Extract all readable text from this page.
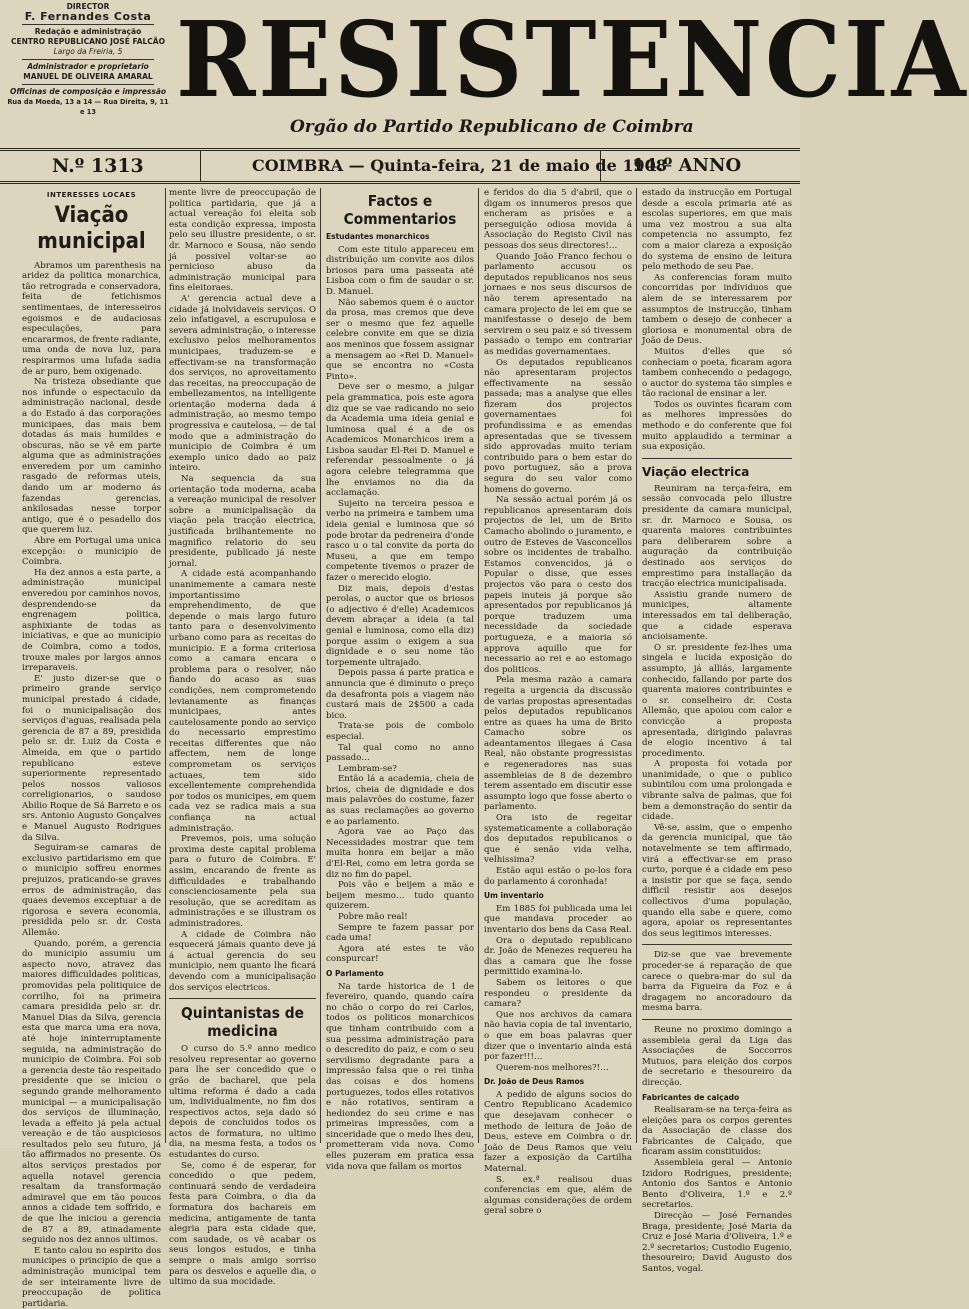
DIRECTOR
F. Fernandes Costa
Redação e administração
CENTRO REPUBLICANO JOSÉ FALCÃO
Largo da Freiria, 5
Administrador e proprietario
MANUEL DE OLIVEIRA AMARAL
Officinas de composição e impressão
Rua da Moeda, 13 a 14 — Rua Direita, 9, 11 e 13 RESISTENCIA
Orgão do Partido Republicano de Coimbra
N.º 1313	COIMBRA — Quinta-feira, 21 de maio de 1908
14.º ANNO
INTERESSES LOCAES
Viação municipal

Abramos um parenthesis na aridez da politica monarchica, tão retrograda e conservadora, feita de fetichismos sentimentaes, de interesseiros egoismos e de audaciosas especulações, para encararmos, de frente radiante, uma onda de nova luz, para respirarmos uma lufada sadia de ar puro, bem oxigenado.

Na tristeza obsediante que nos infunde o espectaculo da administração nacional, desde a do Estado á das corporações municipaes, das mais bem dotadas ás mais humildes e obscuras, não se vê em parte alguma que as administrações enveredem por um caminho rasgado de reformas uteis, dando um ar moderno ás fazendas gerencias, ankilosadas nesse torpor antigo, que é o pesadello dos que querem luz.

Abre em Portugal uma unica excepção: o municipio de Coimbra.

Ha dez annos a esta parte, a administração municipal enveredou por caminhos novos, desprendendo-se da engrenagem politica, asphixiante de todas as iniciativas, e que ao municipio de Coimbra, como a todos, trouxe males por largos annos irreparaveis.

E' justo dizer-se que o primeiro grande serviço municipal prestado á cidade, foi o municipalisação dos serviços d'aguas, realisada pela gerencia de 87 a 89, presidida pelo sr. dr. Luiz da Costa e Almeida, em que o partido republicano esteve superiormente representado pelos nossos valiosos correligionarios, o saudoso Abilio Roque de Sá Barreto e os srs. Antonio Augusto Gonçalves e Manuel Augusto Rodrigues da Silva.

Seguiram-se camaras de exclusivo partidarismo em que o municipio soffreu enormes prejuizos, praticando-se graves erros de administração, das quaes devemos exceptuar a de rigorosa e severa economia, presidida pelo sr. dr. Costa Allemão.

Quando, porém, a gerencia do municipio assumiu um aspecto novo, atravez das maiores difficuldades politicas, promovidas pela politiquice de corrilho, foi na primeira camara presidida pelo sr. dr. Manuel Dias da Silva, gerencia esta que marca uma era nova, até hoje ininterruptamente seguida, na administração do municipio de Coimbra. Foi sob a gerencia deste tão respeitado presidente que se iniciou o segundo grande melhoramento municipal — a municipalisação dos serviços de illuminação, levada a effeito já pela actual vereação e de tão auspiciosos resultados pelo seu futuro, já tão affirmados no presente. Os altos serviços prestados por aquella notavel gerencia resaltam da transformação admiravel que em tão poucos annos a cidade tem soffrido, e de que lhe iniciou a gerencia de 87 a 89, atinadamente seguido nos dez annos ultimos.

E tanto calou no espirito dos municipes o principio de que a administração municipal tem de ser inteiramente livre de preoccupação de politica partidaria.

mente livre de preoccupação de politica partidaria, que já a actual vereação foi eleita sob esta condição expressa, imposta pelo seu illustre presidente, o sr. dr. Marnoco e Sousa, não sendo já possivel voltar-se ao pernicioso abuso da administração municipal para fins eleitoraes.

A' gerencia actual deve a cidade já inolvidaveis serviços. O zelo infatigavel, a escrupulosa e severa administração, o interesse exclusivo pelos melhoramentos municipaes, traduzem-se e effectivam-se na transformação dos serviços, no aproveitamento das receitas, na preoccupação de embellezamentos, na intelligente orientação moderna dada á administração, ao mesmo tempo progressiva e cautelosa, — de tal modo que a administração do municipio de Coimbra é um exemplo unico dado ao paiz inteiro.

Na sequencia da sua orientação toda moderna, acaba a vereação municipal de resolver sobre a municipalisação da viação pela tracção electrica, justificada brilhantemente no magnifico relatorio do seu presidente, publicado já neste jornal.

A cidade está acompanhando unanimemente a camara neste importantissimo emprehendimento, de que depende o mais largo futuro tanto para o desenvolvimento urbano como para as receitas do municipio. E a forma criteriosa como a camara encara o problema para o resolver, não fiando do acaso as suas condições, nem comprometendo levianamente as finanças municipaes, antes cautelosamente pondo ao serviço do necessario emprestimo receitas differentes que não affectem, nem de longe comprometam os serviços actuaes, tem sido excellentemente comprehendida por todos os municipes, em quem cada vez se radica mais a sua confiança na actual administração.

Prevemos, pois, uma solução proxima deste capital problema para o futuro de Coimbra. E' assim, encarando de frente as difficuldades e trabalhando conscienciosamente pela sua resolução, que se acreditam as administrações e se illustram os administradores.

A cidade de Coimbra não esquecerá jámais quanto deve já á actual gerencia do seu municipio, nem quanto lhe ficará devendo com a municipalisação dos serviços electricos.

Quintanistas de medicina

O curso do 5.º anno medico resolveu representar ao governo para lhe ser concedido que o grão de bacharel, que pela ultima reforma é dado a cada um, individualmente, no fim dos respectivos actos, seja dado só depois de concluidos todos os actos de formatura, no ultimo dia, na mesma festa, a todos os estudantes do curso.

Se, como é de esperar, for concedido o que pedem, continuará sendo de verdadeira festa para Coimbra, o dia da formatura dos bachareis em medicina, antigamente de tanta alegria para esta cidade que, com saudade, os vê acabar os seus longos estudos, e tinha sempre o mais amigo sorriso para os desvelos e aquelle dia, o ultimo da sua mocidade.

Factos e Commentarios
Estudantes monarchicos

Com este titulo appareceu em distribuição um convite aos dilos briosos para uma passeata até Lisboa com o fim de saudar o sr. D. Manuel.

Não sabemos quem é o auctor da prosa, mas cremos que deve ser o mesmo que fez aquelle celebre convite em que se dizia aos meninos que fossem assignar a mensagem ao «Rei D. Manuel» que se encontra no «Costa Pinto».

Deve ser o mesmo, a julgar pela grammatica, pois este agora diz que se vae radicando no seio da Academia uma ideia genial e luminosa qual é a de os Academicos Monarchicos irem a Lisboa saudar El-Rei D. Manuel e referendar pessoalmente o já agora celebre telegramma que lhe enviamos no dia da acclamação.

Sujeito na terceira pessoa e verbo na primeira e tambem uma ideia genial e luminosa que só pode brotar da pedreneira d'onde rasco u o tal convite da porta do Museu, a que em tempo competente tivemos o prazer de fazer o merecido elogio.

Diz mais, depois d'estas perolas, o auctor que os briosos (o adjectivo é d'elle) Academicos devem abraçar a ideia (a tal genial e luminosa, como ella diz) porque assim o exigem a sua dignidade e o seu nome tão torpemente ultrajado.

Depois passa á parte pratica e annuncia que é diminuto o preço da desafronta pois a viagem não custará mais de 2$500 a cada bico.

Trata-se pois de combolo especial.

Tal qual como no anno passado…

Lembram-se?

Então lá a academia, cheia de brios, cheia de dignidade e dos mais palavrões do costume, fazer as suas reclamações ao governo e ao parlamento.

Agora vae ao Paço das Necessidades mostrar que tem muita honra em beijar a mão d'El-Rei, como em letra gorda se diz no fim do papel.

Pois vão e beijem a mão e beijem mesmo… tudo quanto quizerem.

Pobre mão real!

Sempre te fazem passar por cada uma!

Agora até estes te vão conspurcar!

O Parlamento

Na tarde historica de 1 de fevereiro, quando, quando caíra no chão o corpo do rei Carlos, todos os politicos monarchicos que tinham contribuido com a sua pessima administração para o descredito do paiz, e com o seu servilismo degradante para a impressão falsa que o rei tinha das coisas e dos homens portuguezes, todos elles rotativos e não rotativos, sentiram a hediondez do seu crime e nas primeiras impressões, com a sinceridade que o medo lhes deu, prometteram vida nova. Como elles puzeram em pratica essa vida nova que fallam os mortos

e feridos do dia 5 d'abril, que o digam os innumeros presos que encheram as prisões e a perseguição odiosa movida á Associação do Registo Civil nas pessoas dos seus directores!…

Quando João Franco fechou o parlamento accusou os deputados republicanos nos seus jornaes e nos seus discursos de não terem apresentado na camara projecto de lei em que se manifestasse o desejo de bem servirem o seu paiz e só tivessem passado o tempo em contrariar as medidas governamentaes.

Os deputados republicanos não apresentaram projectos effectivamente na sessão passada; mas a analyse que elles fizeram dos projectos governamentaes foi profundissima e as emendas apresentadas que se tivessem sido approvadas muito teriam contribuido para o bem estar do povo portuguez, são a prova segura do seu valor como homens do governo.

Na sessão actual porém já os republicanos apresentaram dois projectos de lei, um de Brito Camacho abolindo o juramento, e outro de Esteves de Vasconcellos sobre os incidentes de trabalho. Estamos convencidos, já o Popular o disse, que esses projectos vão para o cesto dos papeis inuteis já porque são apresentados por republicanos já porque traduzem uma necessidade da sociedade portugueza, e a maioria só approva aquillo que for necessario ao rei e ao estomago dos politicos.

Pela mesma razão a camara regeita a urgencia da discussão de varias propostas apresentadas pelos deputados republicanos entre as quaes ha uma de Brito Camacho sobre os adeantamentos illegaes á Casa Real, não obstante progressistas e regeneradores nas suas assembleias de 8 de dezembro terem assentado em discutir esse assumpto logo que fosse aberto o parlamento.

Ora isto de regeitar systematicamente a collaboração dos deputados republicanos o que é senão vida velha, velhissima?

Estão aqui estão o po-los fora do parlamento á coronhada!

Um inventario

Em 1885 foi publicada uma lei que mandava proceder ao inventario dos bens da Casa Real.

Ora o deputado republicano dr. João de Menezes requereu ha dias a camara que lhe fosse permittido examina-lo.

Sabem os leitores o que respondeu o presidente da camara?

Que nos archivos da camara não havia copia de tal inventario, o que em boas palavras quer dizer que o inventario ainda está por fazer!!!…

Querem-nos melhores?!…

Dr. João de Deus Ramos

A pedido de alguns socios do Centro Republicano Academico que desejavam conhecer o methodo de leitura de João de Deus, esteve em Coimbra o dr. João de Deus Ramos que veiu fazer a exposição da Cartilha Maternal.

S. ex.ª realisou duas conferencias em que, além de algumas considerações de ordem geral sobre o

estado da instrucção em Portugal desde a escola primaria até as escolas superiores, em que mais uma vez mostrou a sua alta competencia no assumpto, fez com a maior clareza a exposição do systema de ensino de leitura pelo methodo de seu Pae.

As conferencias foram muito concorridas por individuos que alem de se interessarem por assumptos de instrucção, tinham tambem o desejo de conhecer a gloriosa e monumental obra de João de Deus.

Muitos d'elles que só conheciam o poeta, ficaram agora tambem conhecendo o pedagogo, o auctor do systema tão simples e tão racional de ensinar a ler.

Todos os ouvintes ficaram com as melhores impressões do methodo e do conferente que foi muito applaudido a terminar a sua exposição.

Viação electrica

Reuniram na terça-feira, em sessão convocada pelo illustre presidente da camara municipal, sr. dr. Marnoco e Sousa, os quarenta maiores contribuintes para deliberarem sobre a auguração da contribuição destinado aos serviços do emprestimo para installação da tracção electrica municipalisada.

Assistiu grande numero de municipes, altamente interessados em tal deliberação, que a cidade esperava ancioisamente.

O sr. presidente fez-lhes uma singela e lucida exposição do assumpto, já alliás, largamente conhecido, fallando por parte dos quarenta maiores contribuintes e o sr. conselheiro dr. Costa Allemão, que apoiou com calor e convicção a proposta apresentada, dirigindo palavras de elogio incentivo á tal procedimento.

A proposta foi votada por unanimidade, o que o publico subintilou com uma prolongada e vibrante salva de palmas, que foi bem a demonstração do sentir da cidade.

Vê-se, assim, que o empenho da gerencia municipal, que tão notavelmente se tem affirmado, virá a effectivar-se em praso curto, porque é a cidade em peso a insistir por que se faça, sendo difficil resistir aos desejos collectivos d'uma população, quando ella sabe e quere, como agora, apoiar os representantes dos seus legitimos interesses.

Diz-se que vae brevemente proceder-se á reparação de que carece o quebra-mar do sul da barra da Figueira da Foz e á dragagem no ancoradouro da mesma barra.

Reune no proximo domingo a assembleia geral da Liga das Associações de Soccorros Mutuos, para eleição dos corpos de secretario e thesoureiro da direcção.

Fabricantes de calçado

Realisaram-se na terça-feira as eleições para os corpos gerentes da Associação de classe dos Fabricantes de Calçado, que ficaram assim constituidos:

Assembleia geral — Antonio Izidoro Rodrigues, presidente; Antonio dos Santos e Antonio Bento d'Oliveira, 1.º e 2.º secretarios.

Direcção — José Fernandes Braga, presidente; José Maria da Cruz e José Maria d'Oliveira, 1.º e 2.º secretarios; Custodio Eugenio, thesoureiro; David Augusto dos Santos, vogal.
